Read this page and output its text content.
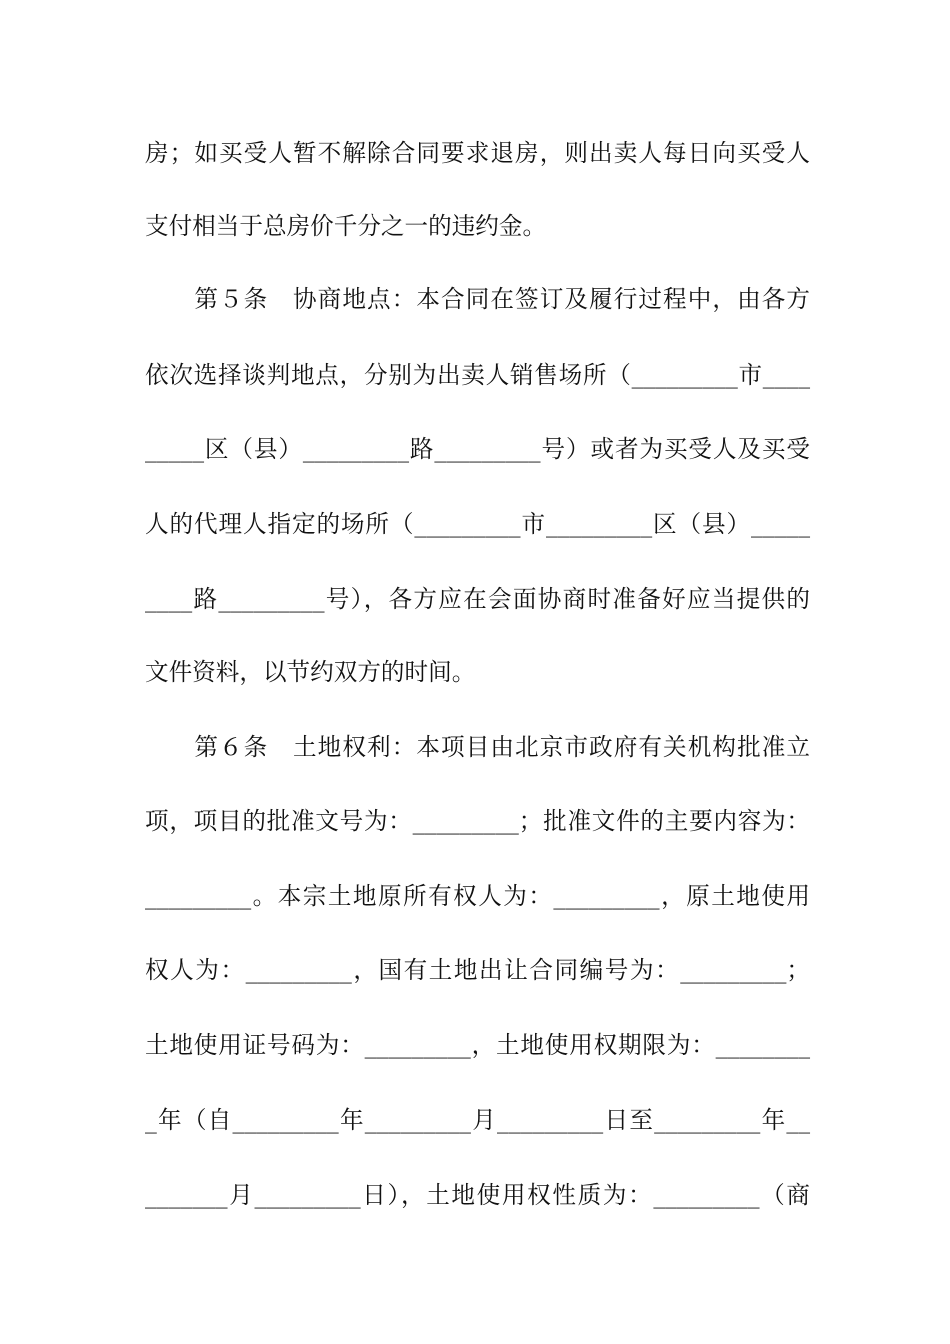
房；如买受人暂不解除合同要求退房，则出卖人每日向买受人
支付相当于总房价千分之一的违约金。
　　第５条　协商地点：本合同在签订及履行过程中，由各方
依次选择谈判地点，分别为出卖人销售场所（_________市____
_____区（县）_________路_________号）或者为买受人及买受
人的代理人指定的场所（_________市_________区（县）_____
____路_________号），各方应在会面协商时准备好应当提供的
文件资料，以节约双方的时间。
　　第６条　土地权利：本项目由北京市政府有关机构批准立
项，项目的批准文号为：_________；批准文件的主要内容为：
_________。本宗土地原所有权人为：_________，原土地使用
权人为：_________，国有土地出让合同编号为：_________；
土地使用证号码为：_________，土地使用权期限为：________
_年（自_________年_________月_________日至_________年__
_______月_________日），土地使用权性质为：_________（商
